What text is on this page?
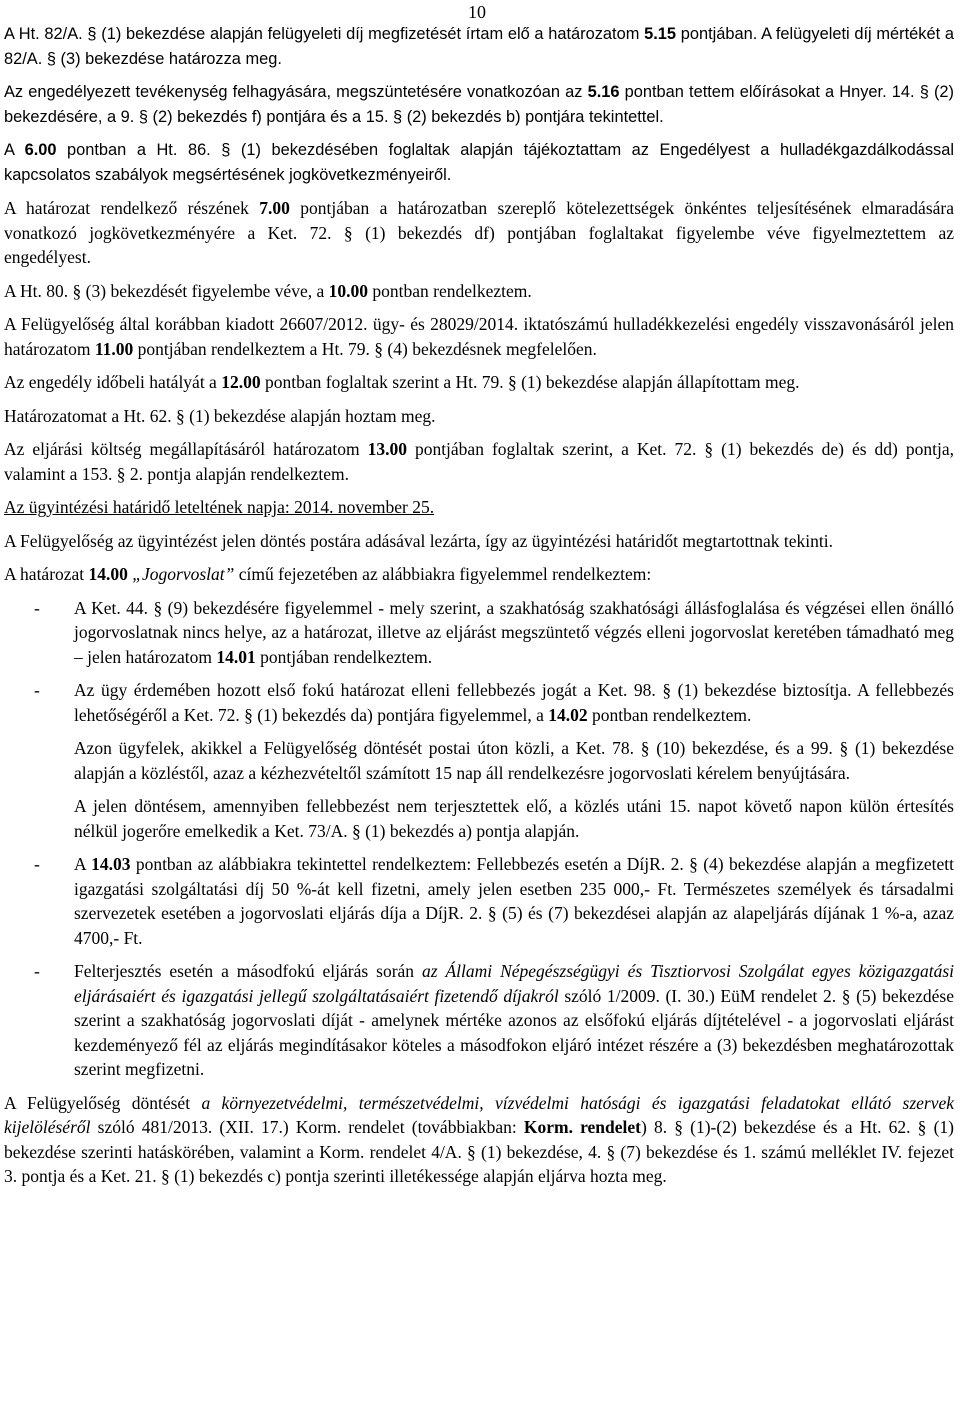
10

A Ht. 82/A. § (1) bekezdése alapján felügyeleti díj megfizetését írtam elő a határozatom 5.15 pontjában. A felügyeleti díj mértékét a 82/A. § (3) bekezdése határozza meg.

Az engedélyezett tevékenység felhagyására, megszüntetésére vonatkozóan az 5.16 pontban tettem előírásokat a Hnyer. 14. § (2) bekezdésére, a 9. § (2) bekezdés f) pontjára és a 15. § (2) bekezdés b) pontjára tekintettel.

A 6.00 pontban a Ht. 86. § (1) bekezdésében foglaltak alapján tájékoztattam az Engedélyest a hulladékgazdálkodással kapcsolatos szabályok megsértésének jogkövetkezményeiről.

A határozat rendelkező részének 7.00 pontjában a határozatban szereplő kötelezettségek önkéntes teljesítésének elmaradására vonatkozó jogkövetkezményére a Ket. 72. § (1) bekezdés df) pontjában foglaltakat figyelembe véve figyelmeztettem az engedélyest.

A Ht. 80. § (3) bekezdését figyelembe véve, a 10.00 pontban rendelkeztem.

A Felügyelőség által korábban kiadott 26607/2012. ügy- és 28029/2014. iktatószámú hulladékkezelési engedély visszavonásáról jelen határozatom 11.00 pontjában rendelkeztem a Ht. 79. § (4) bekezdésnek megfelelően.

Az engedély időbeli hatályát a 12.00 pontban foglaltak szerint a Ht. 79. § (1) bekezdése alapján állapítottam meg.

Határozatomat a Ht. 62. § (1) bekezdése alapján hoztam meg.

Az eljárási költség megállapításáról határozatom 13.00 pontjában foglaltak szerint, a Ket. 72. § (1) bekezdés de) és dd) pontja, valamint a 153. § 2. pontja alapján rendelkeztem.

Az ügyintézési határidő leteltének napja: 2014. november 25.

A Felügyelőség az ügyintézést jelen döntés postára adásával lezárta, így az ügyintézési határidőt megtartottnak tekinti.

A határozat 14.00 „Jogorvoslat” című fejezetében az alábbiakra figyelemmel rendelkeztem:

- A Ket. 44. § (9) bekezdésére figyelemmel - mely szerint, a szakhatóság szakhatósági állásfoglalása és végzései ellen önálló jogorvoslatnak nincs helye, az a határozat, illetve az eljárást megszüntető végzés elleni jogorvoslat keretében támadható meg – jelen határozatom 14.01 pontjában rendelkeztem.
- Az ügy érdemében hozott első fokú határozat elleni fellebbezés jogát a Ket. 98. § (1) bekezdése biztosítja. A fellebbezés lehetőségéről a Ket. 72. § (1) bekezdés da) pontjára figyelemmel, a 14.02 pontban rendelkeztem.

Azon ügyfelek, akikkel a Felügyelőség döntését postai úton közli, a Ket. 78. § (10) bekezdése, és a 99. § (1) bekezdése alapján a közléstől, azaz a kézhezvételtől számított 15 nap áll rendelkezésre jogorvoslati kérelem benyújtására.

A jelen döntésem, amennyiben fellebbezést nem terjesztettek elő, a közlés utáni 15. napot követő napon külön értesítés nélkül jogerőre emelkedik a Ket. 73/A. § (1) bekezdés a) pontja alapján.

- A 14.03 pontban az alábbiakra tekintettel rendelkeztem: Fellebbezés esetén a DíjR. 2. § (4) bekezdése alapján a megfizetett igazgatási szolgáltatási díj 50 %-át kell fizetni, amely jelen esetben 235 000,- Ft. Természetes személyek és társadalmi szervezetek esetében a jogorvoslati eljárás díja a DíjR. 2. § (5) és (7) bekezdései alapján az alapeljárás díjának 1 %-a, azaz 4700,- Ft.
- Felterjesztés esetén a másodfokú eljárás során az Állami Népegészségügyi és Tisztiorvosi Szolgálat egyes közigazgatási eljárásaiért és igazgatási jellegű szolgáltatásaiért fizetendő díjakról szóló 1/2009. (I. 30.) EüM rendelet 2. § (5) bekezdése szerint a szakhatóság jogorvoslati díját - amelynek mértéke azonos az elsőfokú eljárás díjtételével - a jogorvoslati eljárást kezdeményező fél az eljárás megindításakor köteles a másodfokon eljáró intézet részére a (3) bekezdésben meghatározottak szerint megfizetni.

A Felügyelőség döntését a környezetvédelmi, természetvédelmi, vízvédelmi hatósági és igazgatási feladatokat ellátó szervek kijelöléséről szóló 481/2013. (XII. 17.) Korm. rendelet (továbbiakban: Korm. rendelet) 8. § (1)-(2) bekezdése és a Ht. 62. § (1) bekezdése szerinti hatáskörében, valamint a Korm. rendelet 4/A. § (1) bekezdése, 4. § (7) bekezdése és 1. számú melléklet IV. fejezet 3. pontja és a Ket. 21. § (1) bekezdés c) pontja szerinti illetékessége alapján eljárva hozta meg.
